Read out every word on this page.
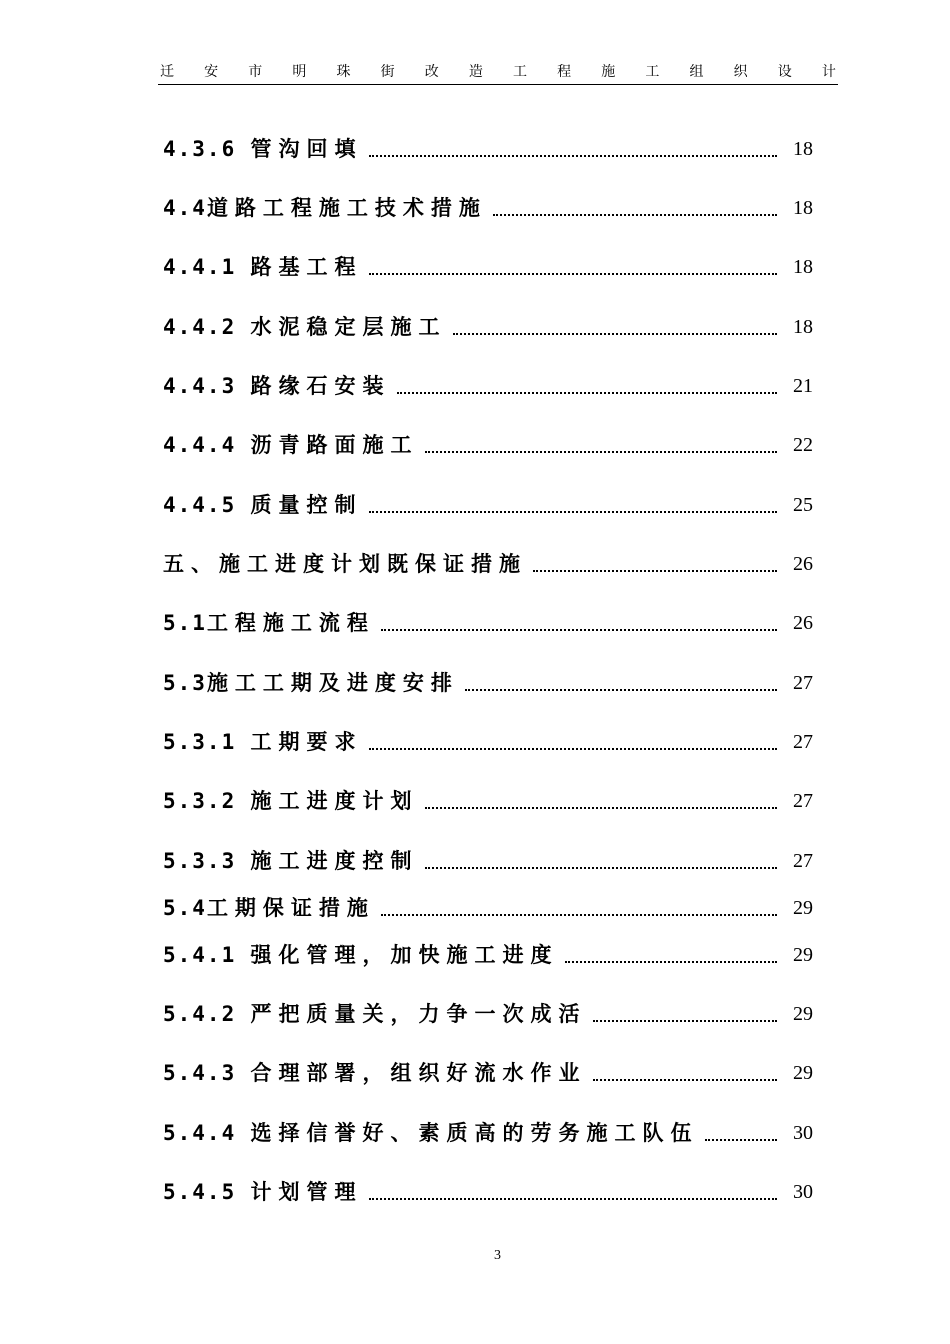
迁 安 市 明 珠 街 改 造 工 程 施 工 组 织 设 计
4.3.6 管沟回填	18
4.4道路工程施工技术措施	18
4.4.1 路基工程	18
4.4.2 水泥稳定层施工	18
4.4.3 路缘石安装	21
4.4.4 沥青路面施工	22
4.4.5 质量控制	25
五、施工进度计划既保证措施	26
5.1工程施工流程	26
5.3施工工期及进度安排	27
5.3.1 工期要求	27
5.3.2 施工进度计划	27
5.3.3 施工进度控制	27
5.4工期保证措施	29
5.4.1 强化管理，加快施工进度	29
5.4.2 严把质量关，力争一次成活	29
5.4.3 合理部署，组织好流水作业	29
5.4.4 选择信誉好、素质高的劳务施工队伍	30
5.4.5 计划管理	30
3
